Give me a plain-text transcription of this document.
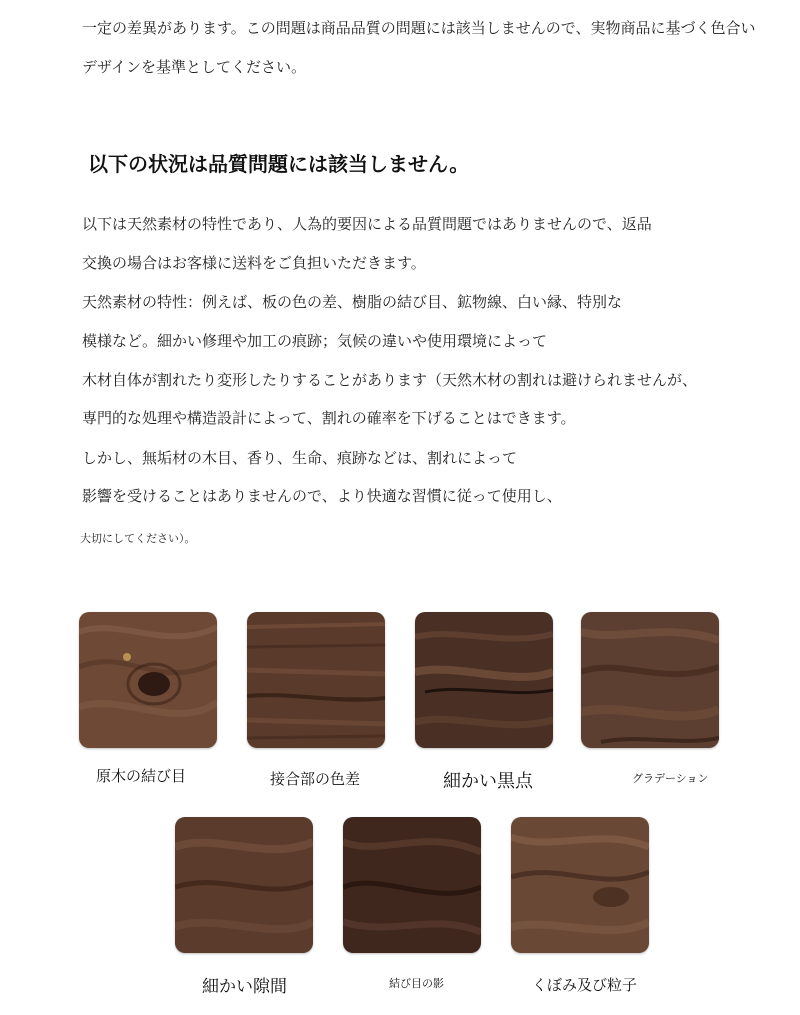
一定の差異があります。この問題は商品品質の問題には該当しませんので、実物商品に基づく色合い
デザインを基準としてください。
以下の状況は品質問題には該当しません。
以下は天然素材の特性であり、人為的要因による品質問題ではありませんので、返品
交換の場合はお客様に送料をご負担いただきます。
天然素材の特性：例えば、板の色の差、樹脂の結び目、鉱物線、白い縁、特別な
模様など。細かい修理や加工の痕跡；気候の違いや使用環境によって
木材自体が割れたり変形したりすることがあります（天然木材の割れは避けられませんが、
専門的な処理や構造設計によって、割れの確率を下げることはできます。
しかし、無垢材の木目、香り、生命、痕跡などは、割れによって
影響を受けることはありませんので、より快適な習慣に従って使用し、
大切にしてください）。
原木の結び目	接合部の色差	細かい黒点	グラデーション
細かい隙間	結び目の影	くぼみ及び粒子
